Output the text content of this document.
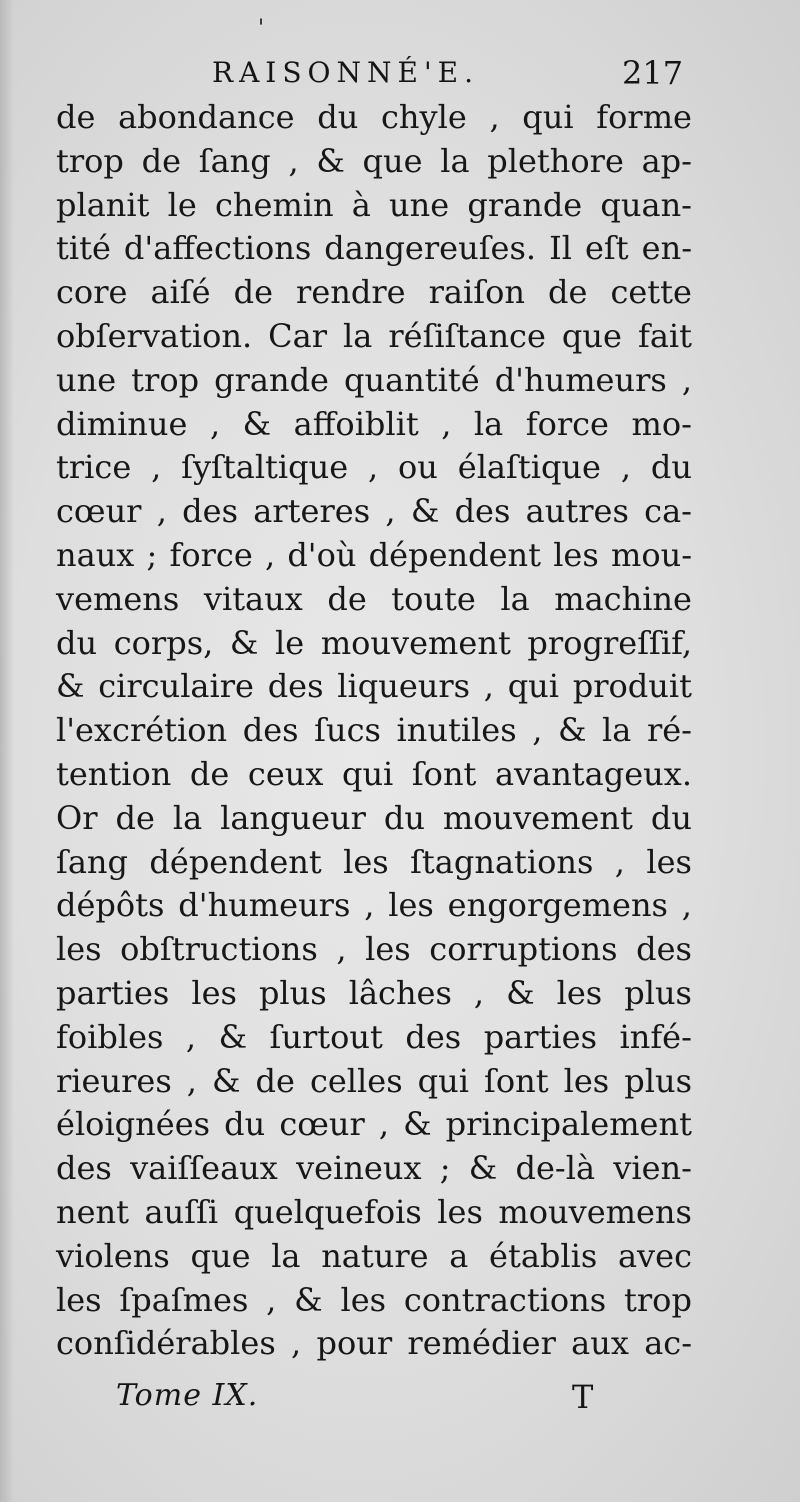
'
RAISONNÉ'E.	217
de abondance du chyle , qui forme
trop de ſang , & que la plethore ap-
planit le chemin à une grande quan-
tité d'affections dangereuſes. Il eſt en-
core aiſé de rendre raiſon de cette
obſervation. Car la réſiſtance que fait
une trop grande quantité d'humeurs ,
diminue , & affoiblit , la force mo-
trice , ſyſtaltique , ou élaſtique , du
cœur , des arteres , & des autres ca-
naux ; force , d'où dépendent les mou-
vemens vitaux de toute la machine
du corps, & le mouvement progreſſif,
& circulaire des liqueurs , qui produit
l'excrétion des ſucs inutiles , & la ré-
tention de ceux qui ſont avantageux.
Or de la langueur du mouvement du
ſang dépendent les ſtagnations , les
dépôts d'humeurs , les engorgemens ,
les obſtructions , les corruptions des
parties les plus lâches , & les plus
foibles , & ſurtout des parties infé-
rieures , & de celles qui ſont les plus
éloignées du cœur , & principalement
des vaiſſeaux veineux ; & de-là vien-
nent auſſi quelquefois les mouvemens
violens que la nature a établis avec
les ſpaſmes , & les contractions trop
conſidérables , pour remédier aux ac-
Tome IX.	T
